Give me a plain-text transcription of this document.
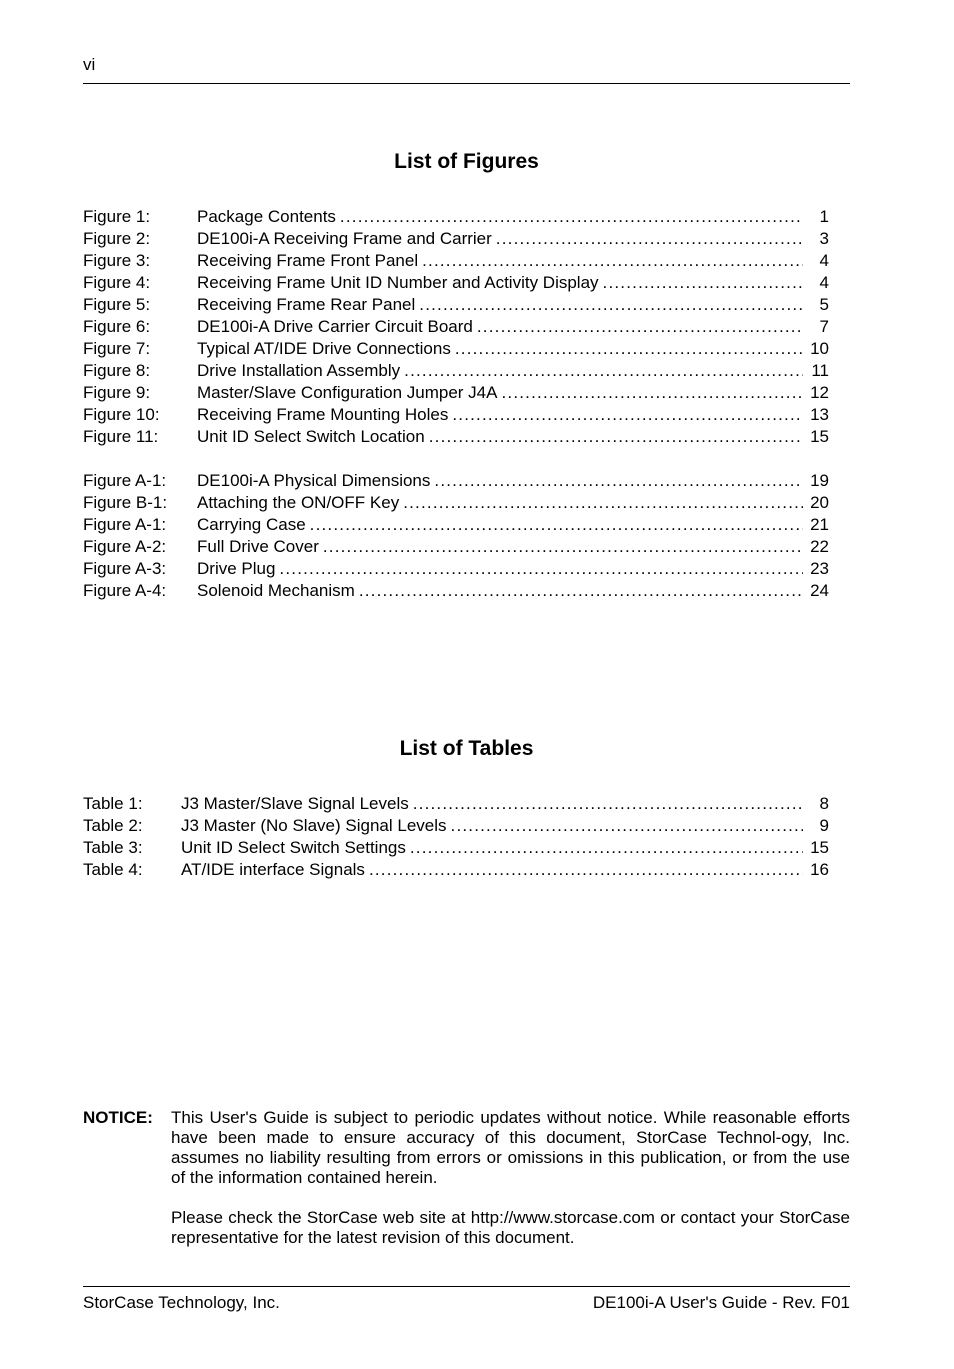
vi
List of Figures
Figure 1:	Package Contents .....	1
Figure 2:	DE100i-A Receiving Frame and Carrier .....	3
Figure 3:	Receiving Frame Front Panel .....	4
Figure 4:	Receiving Frame Unit ID Number and Activity Display .....	4
Figure 5:	Receiving Frame Rear Panel .....	5
Figure 6:	DE100i-A Drive Carrier Circuit Board .....	7
Figure 7:	Typical AT/IDE Drive Connections .....	10
Figure 8:	Drive Installation Assembly .....	11
Figure 9:	Master/Slave Configuration Jumper J4A .....	12
Figure 10:	Receiving Frame Mounting Holes .....	13
Figure 11:	Unit ID Select Switch Location .....	15
Figure A-1:	DE100i-A Physical Dimensions .....	19
Figure B-1:	Attaching the ON/OFF Key .....	20
Figure A-1:	Carrying Case .....	21
Figure A-2:	Full Drive Cover .....	22
Figure A-3:	Drive Plug .....	23
Figure A-4:	Solenoid Mechanism .....	24
List of Tables
Table 1:	J3 Master/Slave Signal Levels .....	8
Table 2:	J3 Master (No Slave) Signal Levels .....	9
Table 3:	Unit ID Select Switch Settings .....	15
Table 4:	AT/IDE interface Signals .....	16
NOTICE: This User's Guide is subject to periodic updates without notice. While reasonable efforts have been made to ensure accuracy of this document, StorCase Technol-ogy, Inc. assumes no liability resulting from errors or omissions in this publication, or from the use of the information contained herein.

Please check the StorCase web site at http://www.storcase.com or contact your StorCase representative for the latest revision of this document.

StorCase Technology, Inc.	DE100i-A User's Guide - Rev. F01
